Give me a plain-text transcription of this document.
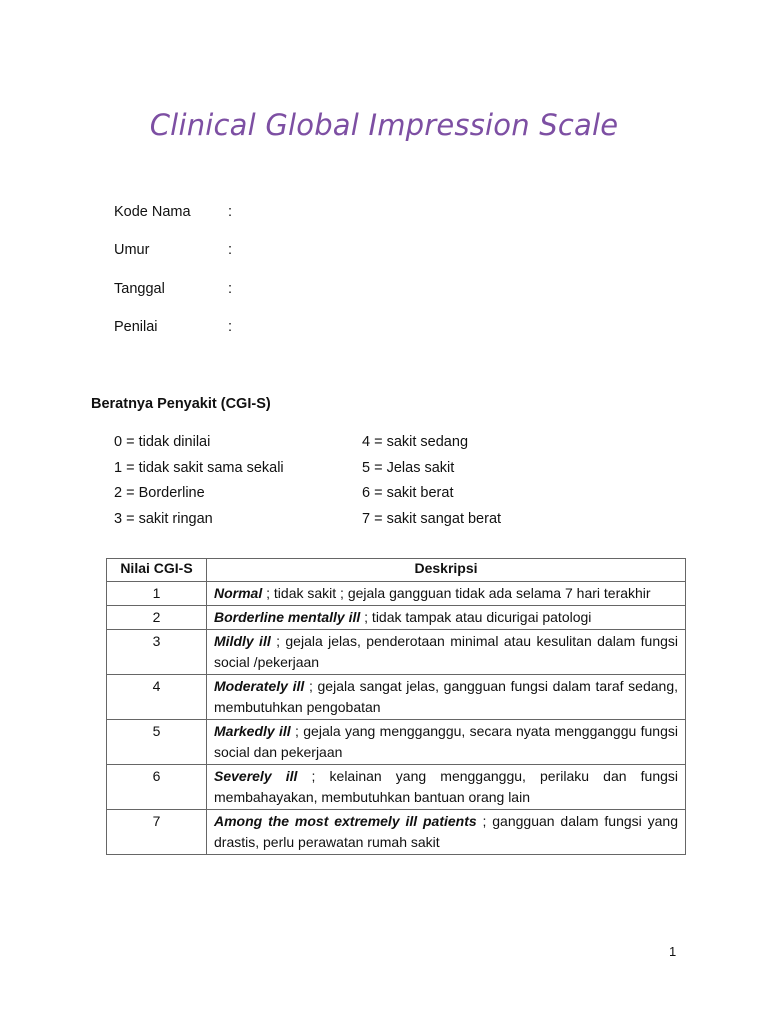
Clinical Global Impression Scale
Kode Nama	:
Umur	:
Tanggal	:
Penilai	:
Beratnya Penyakit (CGI-S)
0 = tidak dinilai
1 = tidak sakit sama sekali
2 = Borderline
3 = sakit ringan
4 = sakit sedang
5 = Jelas sakit
6 = sakit berat
7 = sakit sangat berat
Nilai CGI-S	Deskripsi
1	Normal ; tidak sakit ; gejala gangguan tidak ada selama 7 hari terakhir
2	Borderline mentally ill ; tidak tampak atau dicurigai patologi
3	Mildly ill ; gejala jelas, penderotaan minimal atau kesulitan dalam fungsi social /pekerjaan
4	Moderately ill ; gejala sangat jelas, gangguan fungsi dalam taraf sedang, membutuhkan pengobatan
5	Markedly ill ; gejala yang mengganggu, secara nyata mengganggu fungsi social dan pekerjaan
6	Severely ill ; kelainan yang mengganggu, perilaku dan fungsi membahayakan, membutuhkan bantuan orang lain
7	Among the most extremely ill patients ; gangguan dalam fungsi yang drastis, perlu perawatan rumah sakit
1
